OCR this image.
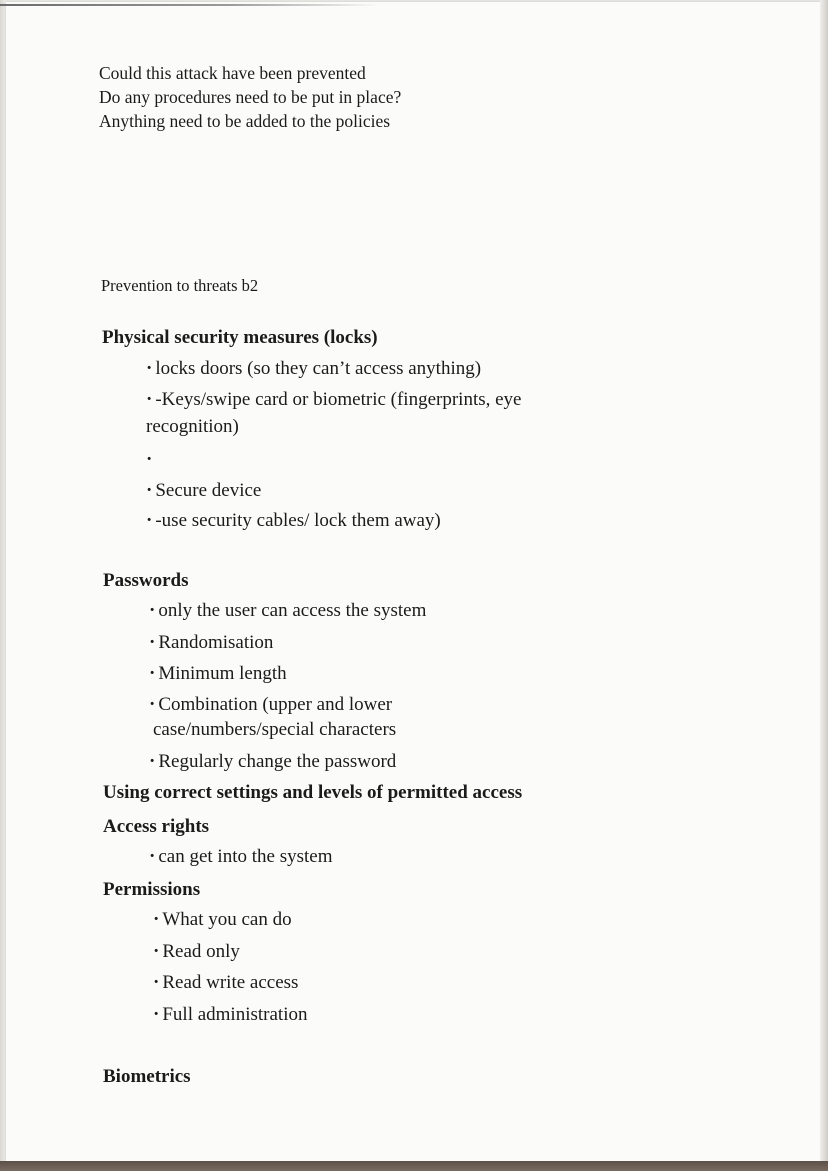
Could this attack have been prevented
Do any procedures need to be put in place?
Anything need to be added to the policies
Prevention to threats b2
Physical security measures (locks)
· locks doors (so they can’t access anything)
· -Keys/swipe card or biometric (fingerprints, eye
recognition)
·
· Secure device
· -use security cables/ lock them away)
Passwords
· only the user can access the system
· Randomisation
· Minimum length
· Combination (upper and lower
case/numbers/special characters
· Regularly change the password
Using correct settings and levels of permitted access
Access rights
· can get into the system
Permissions
· What you can do
· Read only
· Read write access
· Full administration
Biometrics
